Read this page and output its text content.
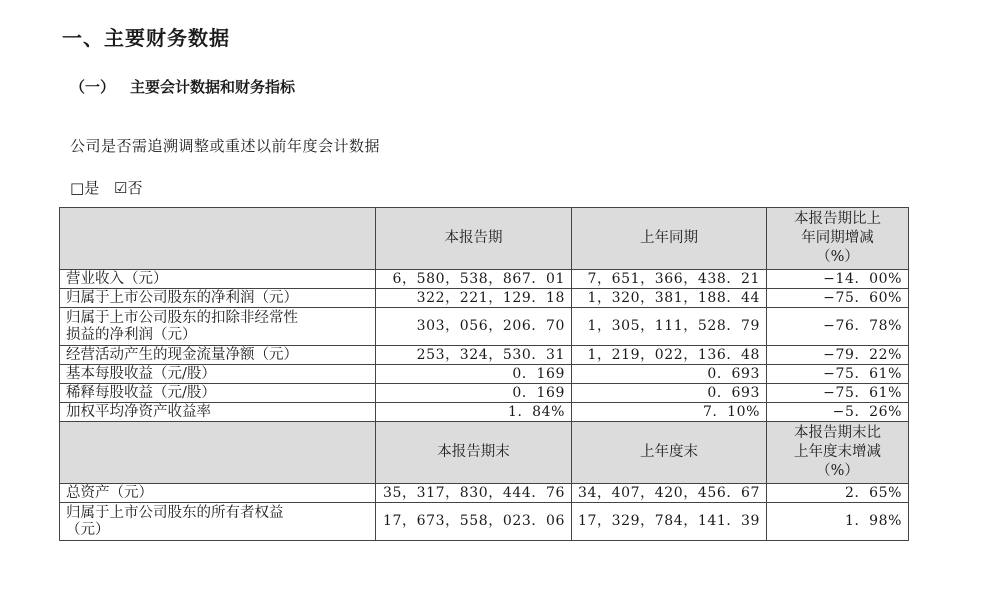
一、主要财务数据
（一） 主要会计数据和财务指标
公司是否需追溯调整或重述以前年度会计数据
□是 ☑否
	本报告期	上年同期	本报告期比上
年同期增减
（%）

营业收入（元）	6，580，538，867．01	7，651，366，438．21	−14．00%
归属于上市公司股东的净利润（元）	322，221，129．18	1，320，381，188．44	−75．60%

归属于上市公司股东的扣除非经常性
损益的净利润（元）	303，056，206．70	1，305，111，528．79	−76．78%
经营活动产生的现金流量净额（元）	253，324，530．31	1，219，022，136．48	−79．22%
基本每股收益（元/股）	0．169	0．693	−75．61%
稀释每股收益（元/股）	0．169	0．693	−75．61%
加权平均净资产收益率	1．84%	7．10%	−5．26%
	本报告期末	上年度末	本报告期末比
上年度末增减
（%）

总资产（元）	35，317，830，444．76	34，407，420，456．67	2．65%

归属于上市公司股东的所有者权益
（元）	17，673，558，023．06	17，329，784，141．39	1．98%
